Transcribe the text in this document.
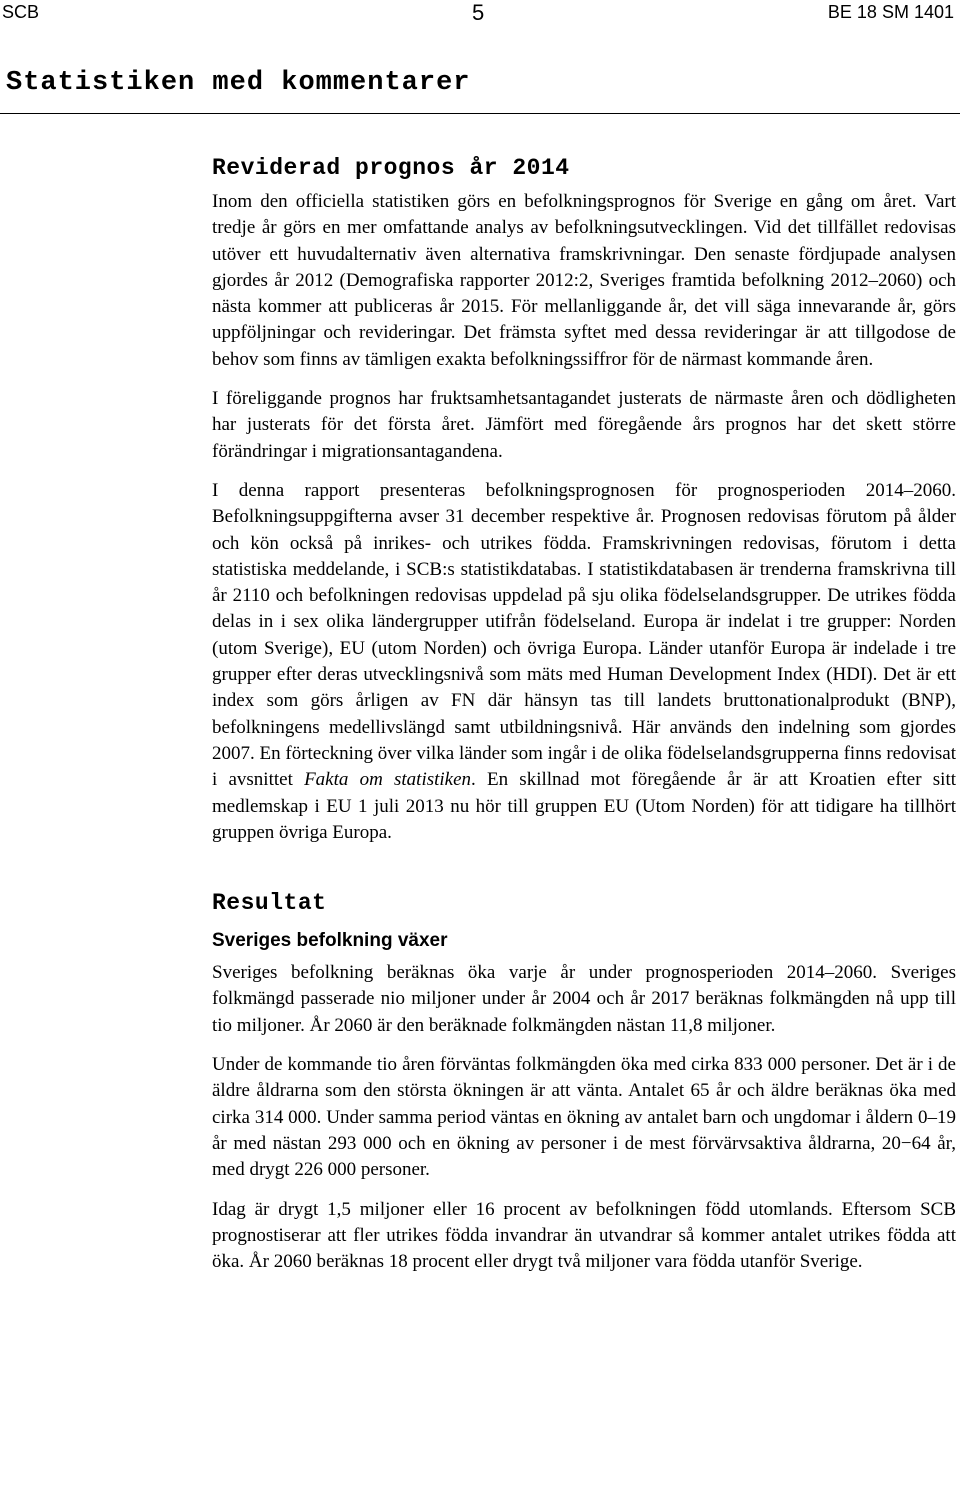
SCB	5	BE 18 SM 1401
Statistiken med kommentarer
Reviderad prognos år 2014

Inom den officiella statistiken görs en befolkningsprognos för Sverige en gång om året. Vart tredje år görs en mer omfattande analys av befolkningsutvecklingen. Vid det tillfället redovisas utöver ett huvudalternativ även alternativa framskrivningar. Den senaste fördjupade analysen gjordes år 2012 (Demografiska rapporter 2012:2, Sveriges framtida befolkning 2012–2060) och nästa kommer att publiceras år 2015. För mellanliggande år, det vill säga innevarande år, görs uppföljningar och revideringar. Det främsta syftet med dessa revideringar är att tillgodose de behov som finns av tämligen exakta befolkningssiffror för de närmast kommande åren.

I föreliggande prognos har fruktsamhetsantagandet justerats de närmaste åren och dödligheten har justerats för det första året. Jämfört med föregående års prognos har det skett större förändringar i migrationsantagandena.

I denna rapport presenteras befolkningsprognosen för prognosperioden 2014–2060. Befolkningsuppgifterna avser 31 december respektive år. Prognosen redovisas förutom på ålder och kön också på inrikes- och utrikes födda. Framskrivningen redovisas, förutom i detta statistiska meddelande, i SCB:s statistikdatabas. I statistikdatabasen är trenderna framskrivna till år 2110 och befolkningen redovisas uppdelad på sju olika födelselandsgrupper. De utrikes födda delas in i sex olika ländergrupper utifrån födelseland. Europa är indelat i tre grupper: Norden (utom Sverige), EU (utom Norden) och övriga Europa. Länder utanför Europa är indelade i tre grupper efter deras utvecklingsnivå som mäts med Human Development Index (HDI). Det är ett index som görs årligen av FN där hänsyn tas till landets bruttonationalprodukt (BNP), befolkningens medellivslängd samt utbildningsnivå. Här används den indelning som gjordes 2007. En förteckning över vilka länder som ingår i de olika födelselandsgrupperna finns redovisat i avsnittet Fakta om statistiken. En skillnad mot föregående år är att Kroatien efter sitt medlemskap i EU 1 juli 2013 nu hör till gruppen EU (Utom Norden) för att tidigare ha tillhört gruppen övriga Europa.

Resultat
Sveriges befolkning växer

Sveriges befolkning beräknas öka varje år under prognosperioden 2014–2060. Sveriges folkmängd passerade nio miljoner under år 2004 och år 2017 beräknas folkmängden nå upp till tio miljoner. År 2060 är den beräknade folkmängden nästan 11,8 miljoner.

Under de kommande tio åren förväntas folkmängden öka med cirka 833 000 personer. Det är i de äldre åldrarna som den största ökningen är att vänta. Antalet 65 år och äldre beräknas öka med cirka 314 000. Under samma period väntas en ökning av antalet barn och ungdomar i åldern 0–19 år med nästan 293 000 och en ökning av personer i de mest förvärvsaktiva åldrarna, 20−64 år, med drygt 226 000 personer.

Idag är drygt 1,5 miljoner eller 16 procent av befolkningen född utomlands. Eftersom SCB prognostiserar att fler utrikes födda invandrar än utvandrar så kommer antalet utrikes födda att öka. År 2060 beräknas 18 procent eller drygt två miljoner vara födda utanför Sverige.
